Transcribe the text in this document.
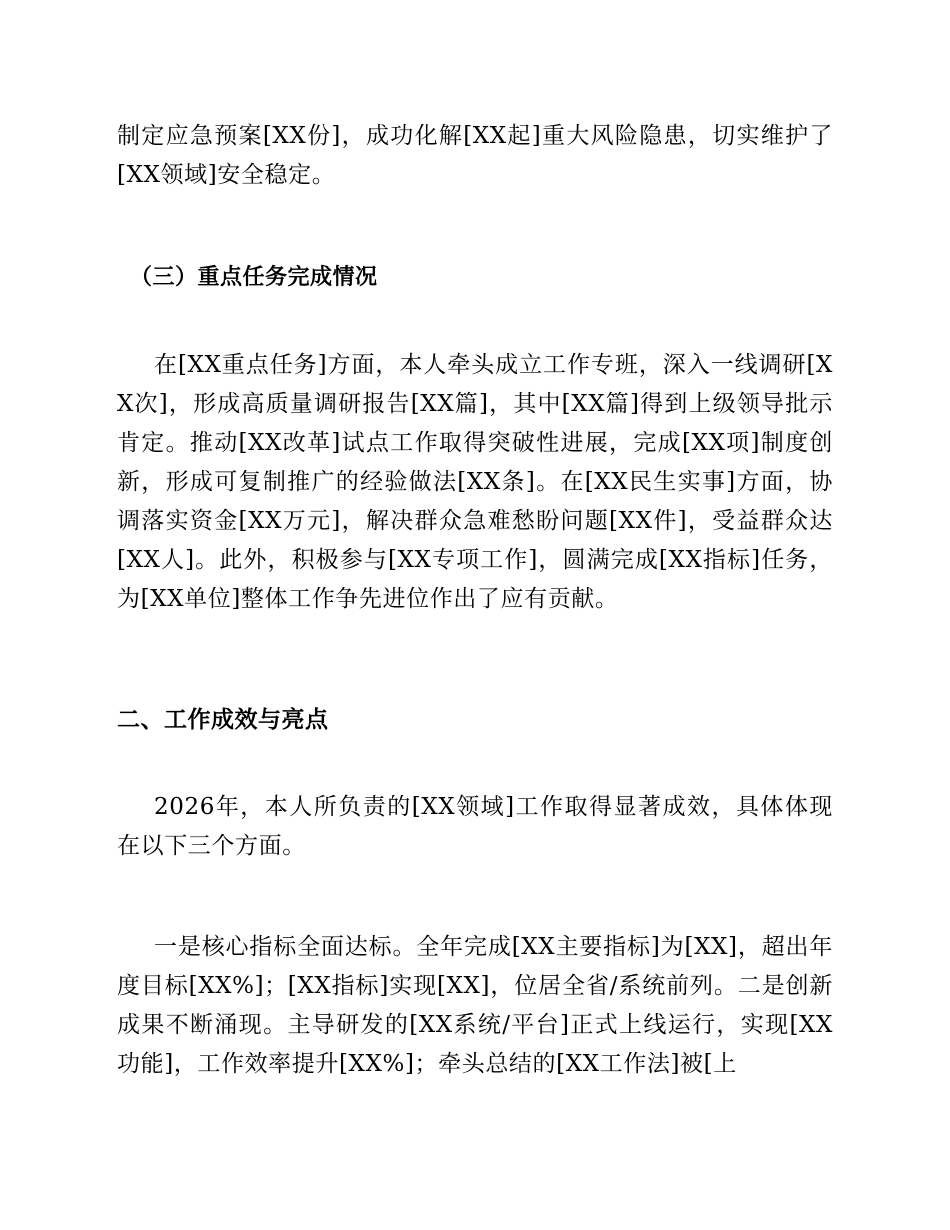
制定应急预案[XX份]，成功化解[XX起]重大风险隐患，切实维护了[XX领域]安全稳定。

（三）重点任务完成情况

在[XX重点任务]方面，本人牵头成立工作专班，深入一线调研[XX次]，形成高质量调研报告[XX篇]，其中[XX篇]得到上级领导批示肯定。推动[XX改革]试点工作取得突破性进展，完成[XX项]制度创新，形成可复制推广的经验做法[XX条]。在[XX民生实事]方面，协调落实资金[XX万元]，解决群众急难愁盼问题[XX件]，受益群众达[XX人]。此外，积极参与[XX专项工作]，圆满完成[XX指标]任务，为[XX单位]整体工作争先进位作出了应有贡献。

二、工作成效与亮点

2026年，本人所负责的[XX领域]工作取得显著成效，具体体现在以下三个方面。

一是核心指标全面达标。全年完成[XX主要指标]为[XX]，超出年度目标[XX%]；[XX指标]实现[XX]，位居全省/系统前列。二是创新成果不断涌现。主导研发的[XX系统/平台]正式上线运行，实现[XX功能]，工作效率提升[XX%]；牵头总结的[XX工作法]被[上
